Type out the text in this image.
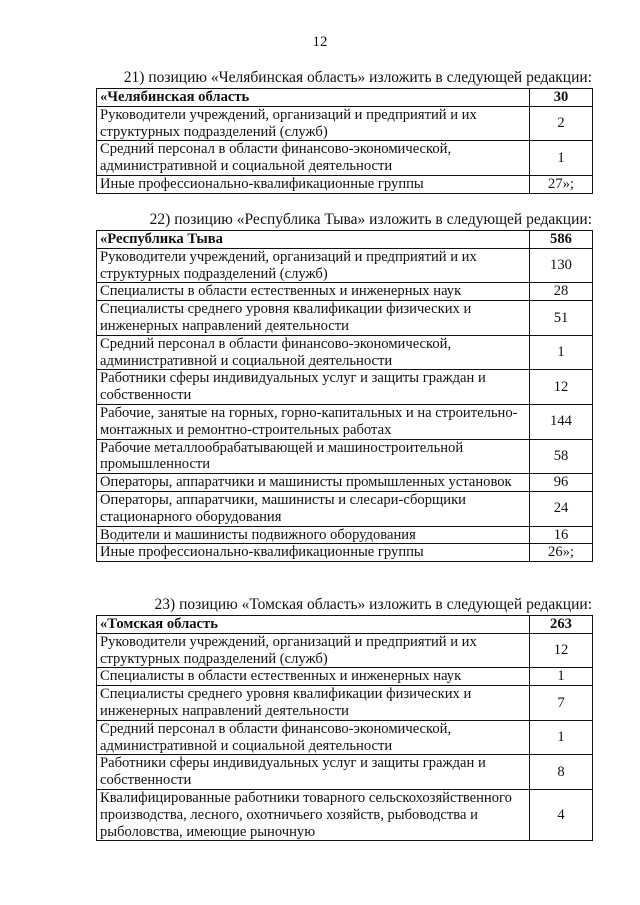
12
21) позицию «Челябинская область» изложить в следующей редакции:
«Челябинская область	30
Руководители учреждений, организаций и предприятий и их структурных подразделений (служб)	2
Средний персонал в области финансово-экономической, административной и социальной деятельности	1
Иные профессионально-квалификационные группы	27»;
22) позицию «Республика Тыва» изложить в следующей редакции:
«Республика Тыва	586
Руководители учреждений, организаций и предприятий и их структурных подразделений (служб)	130
Специалисты в области естественных и инженерных наук	28
Специалисты среднего уровня квалификации физических и инженерных направлений деятельности	51
Средний персонал в области финансово-экономической, административной и социальной деятельности	1
Работники сферы индивидуальных услуг и защиты граждан и собственности	12
Рабочие, занятые на горных, горно-капитальных и на строительно-монтажных и ремонтно-строительных работах	144
Рабочие металлообрабатывающей и машиностроительной промышленности	58
Операторы, аппаратчики и машинисты промышленных установок	96
Операторы, аппаратчики, машинисты и слесари-сборщики стационарного оборудования	24
Водители и машинисты подвижного оборудования	16
Иные профессионально-квалификационные группы	26»;
23) позицию «Томская область» изложить в следующей редакции:
«Томская область	263
Руководители учреждений, организаций и предприятий и их структурных подразделений (служб)	12
Специалисты в области естественных и инженерных наук	1
Специалисты среднего уровня квалификации физических и инженерных направлений деятельности	7
Средний персонал в области финансово-экономической, административной и социальной деятельности	1
Работники сферы индивидуальных услуг и защиты граждан и собственности	8
Квалифицированные работники товарного сельскохозяйственного производства, лесного, охотничьего хозяйств, рыбоводства и рыболовства, имеющие рыночную	4
